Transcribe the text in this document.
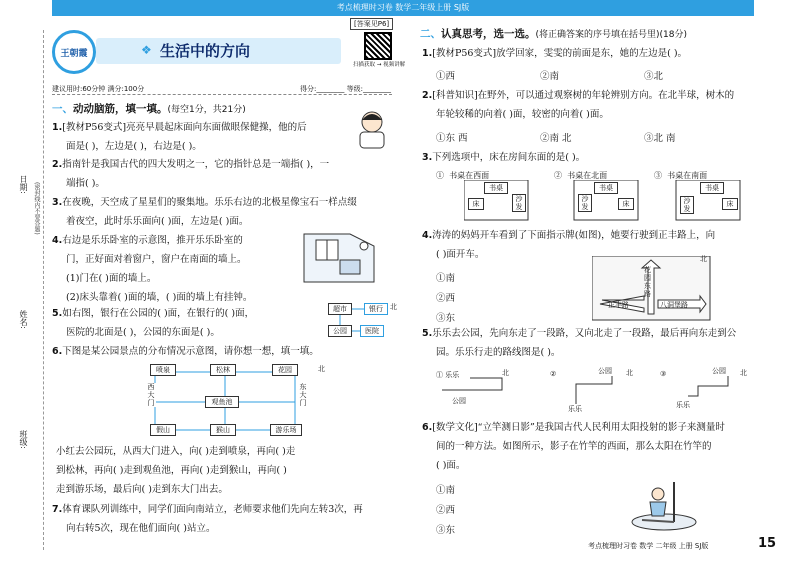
考点梳理时习卷 数学二年级上册 SJ版
[答案见P6]
王朝霞	❖ 生活中的方向
扫描获取 → 视频讲解
建议用时:60分钟 满分:100分	得分:________ 等级:________
日期: (密封线内不要答题)
姓名:
班级:
一、动动脑筋，填一填。(每空1分，共21分)
1.[教材P56变式]亮亮早晨起床面向东面做眼保健操，他的后
面是( )，左边是( )，右边是( )。
2.指南针是我国古代的四大发明之一，它的指针总是一端指( )，一
端指( )。
3.在夜晚，天空成了星星们的聚集地。乐乐右边的北极星像宝石一样点缀
着夜空，此时乐乐面向( )面，左边是( )面。
4.右边是乐乐卧室的示意图，推开乐乐卧室的
门，正好面对着窗户，窗户在南面的墙上。
(1)门在( )面的墙上。
(2)床头靠着( )面的墙，( )面的墙上有挂钟。
5.如右图，银行在公园的( )面，在银行的( )面，
医院的北面是( )，公园的东面是( )。
超市	银行
公园	医院
北
6.下图是某公园景点的分布情况示意图，请你想一想，填一填。
喷泉	松林	花园
西大门	观鱼池
东大门
假山	猴山	游乐场
北
小红去公园玩，从西大门进入，向( )走到喷泉，再向( )走
到松林，再向( )走到观鱼池，再向( )走到猴山，再向( )
走到游乐场，最后向( )走到东大门出去。
7.体育课队列训练中，同学们面向南站立，老师要求他们先向左转3次，再
向右转5次，现在他们面向( )站立。
二、认真思考，选一选。(将正确答案的序号填在括号里)(18分)
1.[教材P56变式]放学回家，雯雯的前面是东，她的左边是( )。
①西	②南	③北
2.[科普知识]在野外，可以通过观察树的年轮辨别方向。在北半球，树木的
年轮较稀的向着( )面，较密的向着( )面。
①东 西	②南 北	③北 南
3.下列选项中，床在房间东面的是( )。
①  书桌在西面	②  书桌在北面	③  书桌在南面
书桌
床
沙发
书桌
沙发	床
书桌
沙发
床
4.涛涛的妈妈开车看到了下面指示牌(如图)，她要行驶到正丰路上，向
( )面开车。
①南
②西
③东
花园东路
正丰路	八洞堡路
北
5.乐乐去公园，先向东走了一段路，又向北走了一段路，最后再向东走到公
园。乐乐行走的路线图是( )。
① 乐乐
公园
北	②
乐乐
公园 北	③
乐乐
公园 北
6.[数学文化]“立竿测日影”是我国古代人民利用太阳投射的影子来测量时
间的一种方法。如图所示，影子在竹竿的西面，那么太阳在竹竿的
( )面。
①南
②西
③东
考点梳理时习卷 数学 二年级 上册 SJ版	15
